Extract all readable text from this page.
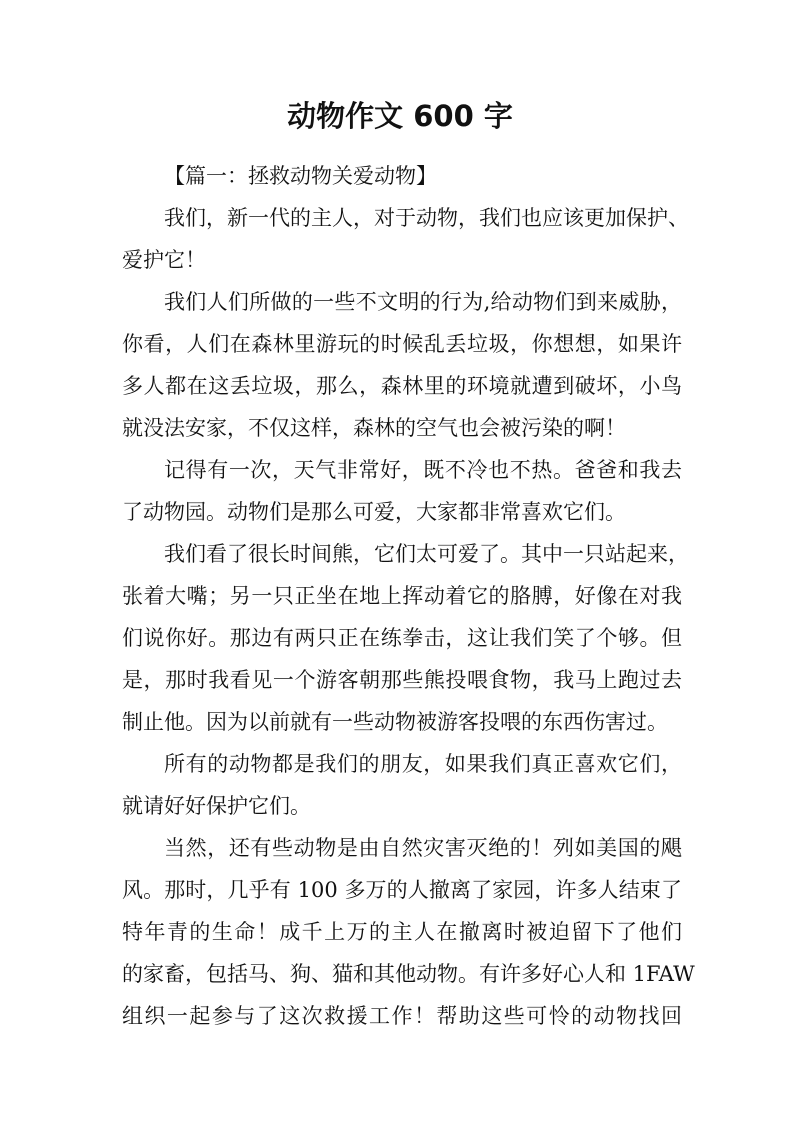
动物作文 600 字

【篇一：拯救动物关爱动物】

我们，新一代的主人，对于动物，我们也应该更加保护、

爱护它！

我们人们所做的一些不文明的行为,给动物们到来威胁，

你看，人们在森林里游玩的时候乱丢垃圾，你想想，如果许

多人都在这丢垃圾，那么，森林里的环境就遭到破坏，小鸟

就没法安家，不仅这样，森林的空气也会被污染的啊！

记得有一次，天气非常好，既不冷也不热。爸爸和我去

了动物园。动物们是那么可爱，大家都非常喜欢它们。

我们看了很长时间熊，它们太可爱了。其中一只站起来，

张着大嘴；另一只正坐在地上挥动着它的胳膊，好像在对我

们说你好。那边有两只正在练拳击，这让我们笑了个够。但

是，那时我看见一个游客朝那些熊投喂食物，我马上跑过去

制止他。因为以前就有一些动物被游客投喂的东西伤害过。

所有的动物都是我们的朋友，如果我们真正喜欢它们，

就请好好保护它们。

当然，还有些动物是由自然灾害灭绝的！列如美国的飓

风。那时，几乎有 100 多万的人撤离了家园，许多人结束了

特年青的生命！成千上万的主人在撤离时被迫留下了他们

的家畜，包括马、狗、猫和其他动物。有许多好心人和 1FAW

组织一起参与了这次救援工作！帮助这些可怜的动物找回
